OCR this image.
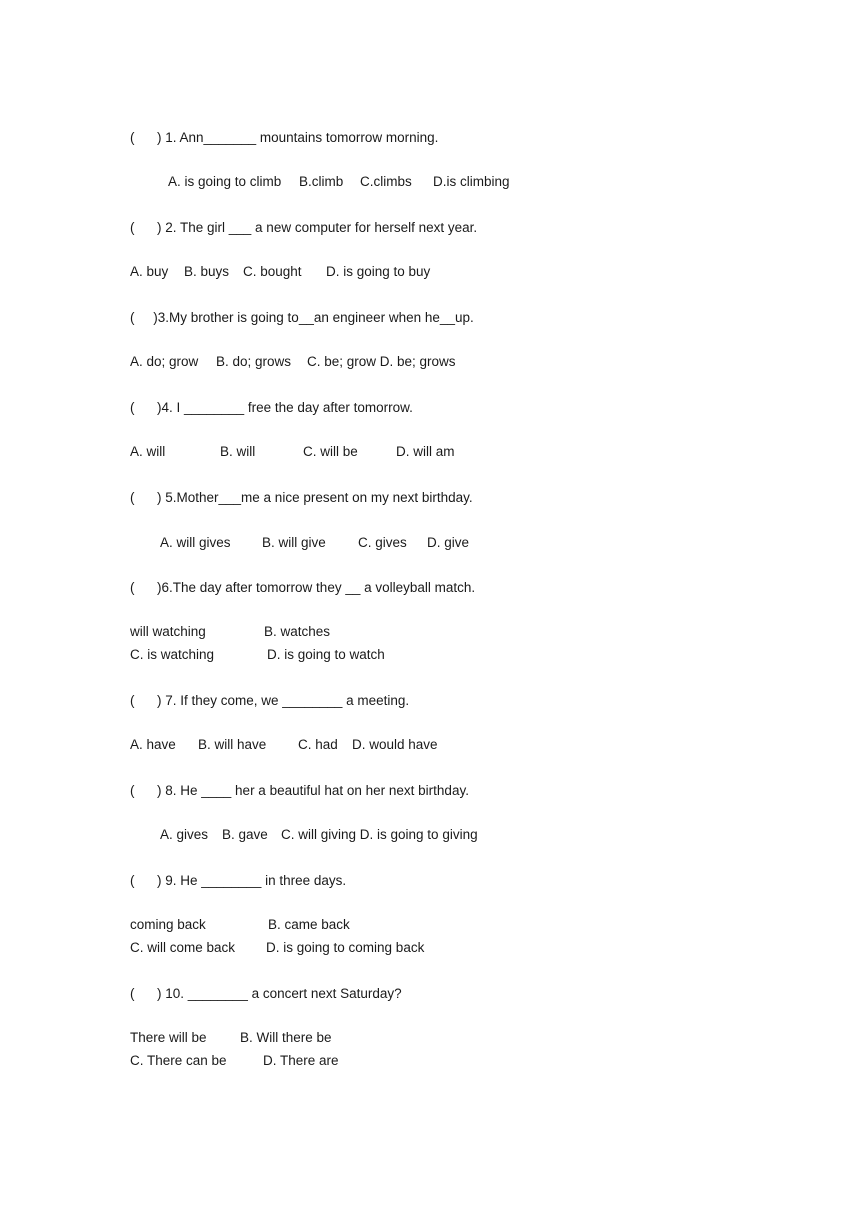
(      ) 1. Ann_______ mountains tomorrow morning.
A. is going to climb B.climb C.climbs D.is climbing
(      ) 2. The girl ___ a new computer for herself next year.
A. buy B. buys C. bought D. is going to buy
(     )3.My brother is going to__an engineer when he__up.
A. do; grow B. do; grows C. be; grow D. be; grows
(      )4. I ________ free the day after tomorrow.
A. will	B. will	C. will be	D. will am
(      ) 5.Mother___me a nice present on my next birthday.
A. will gives B. will give C. gives D. give
(      )6.The day after tomorrow they __ a volleyball match.
will watching	B. watches
C. is watching	D. is going to watch
(      ) 7. If they come, we ________ a meeting.
A. have B. will have C. had D. would have
(      ) 8. He ____ her a beautiful hat on her next birthday.
A. gives B. gave C. will giving D. is going to giving
(      ) 9. He ________ in three days.
coming back	B. came back
C. will come back D. is going to coming back
(      ) 10. ________ a concert next Saturday?
There will be B. Will there be
C. There can be	D. There are
